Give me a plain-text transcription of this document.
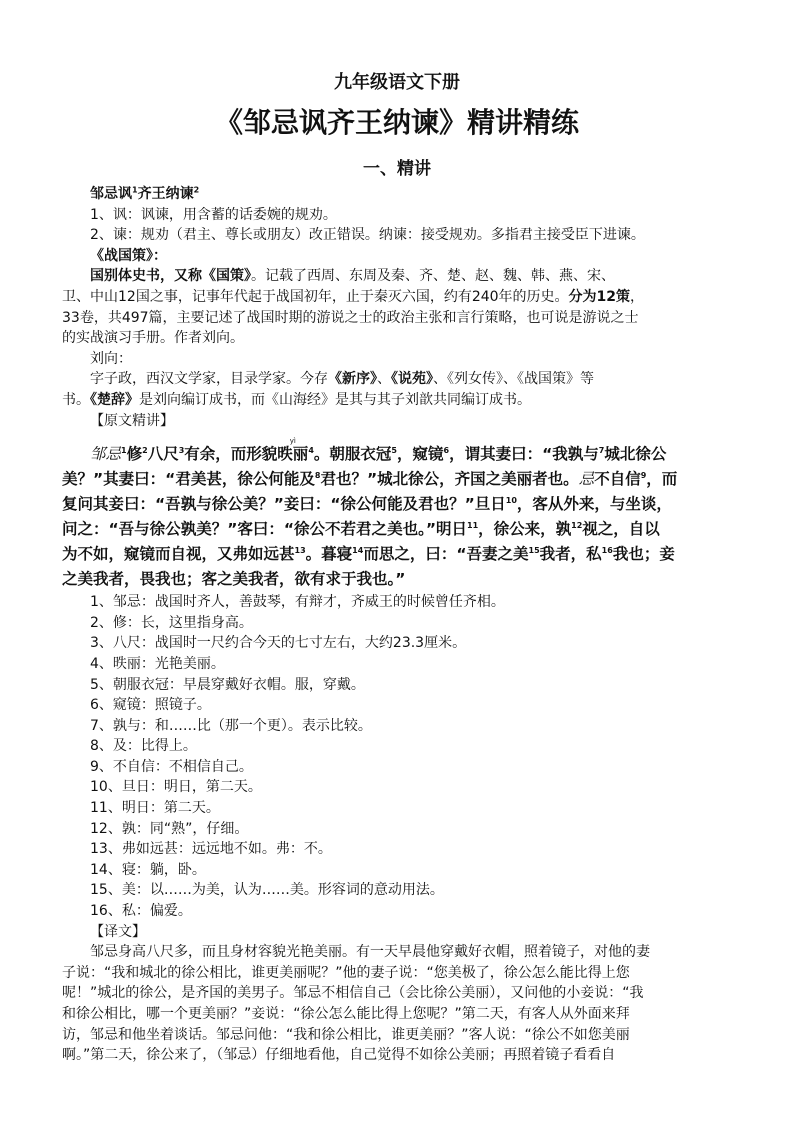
九年级语文下册
《邹忌讽齐王纳谏》精讲精练
一、精讲
邹忌讽$^1$齐王纳谏$^2$
1、讽：讽谏，用含蓄的话委婉的规劝。
2、谏：规劝（君主、尊长或朋友）改正错误。纳谏：接受规劝。多指君主接受臣下进谏。
《战国策》：
国别体史书，又称《国策》。记载了西周、东周及秦、齐、楚、赵、魏、韩、燕、宋、
卫、中山12国之事，记事年代起于战国初年，止于秦灭六国，约有240年的历史。分为12策，
33卷，共497篇，主要记述了战国时期的游说之士的政治主张和言行策略，也可说是游说之士
的实战演习手册。作者刘向。
刘向：
字子政，西汉文学家，目录学家。今存《新序》、《说苑》、《列女传》、《战国策》等
书。《楚辞》是刘向编订成书，而《山海经》是其与其子刘歆共同编订成书。
【原文精讲】
邹忌$^1$修$^2$八尺$^3$有余，而形貌昳丽$yì^4$。朝服衣冠$^5$，窥镜$^6$，谓其妻曰：“我孰与$^7$城北徐公
美？”其妻曰：“君美甚，徐公何能及$^8$君也？”城北徐公，齐国之美丽者也。忌不自信$^9$，而
复问其妾曰：“吾孰与徐公美？”妾曰：“徐公何能及君也？”旦日$^{10}$，客从外来，与坐谈，
问之：“吾与徐公孰美？”客曰：“徐公不若君之美也。”明日$^{11}$，徐公来，孰$^{12}$视之，自以
为不如，窥镜而自视，又弗如远甚$^{13}$。暮寝$^{14}$而思之，曰：“吾妻之美$^{15}$我者，私$^{16}$我也；妾
之美我者，畏我也；客之美我者，欲有求于我也。”
1、邹忌：战国时齐人，善鼓琴，有辩才，齐威王的时候曾任齐相。
2、修：长，这里指身高。
3、八尺：战国时一尺约合今天的七寸左右，大约23.3厘米。
4、昳丽：光艳美丽。
5、朝服衣冠：早晨穿戴好衣帽。服，穿戴。
6、窥镜：照镜子。
7、孰与：和……比（那一个更）。表示比较。
8、及：比得上。
9、不自信：不相信自己。
10、旦日：明日，第二天。
11、明日：第二天。
12、孰：同“熟”，仔细。
13、弗如远甚：远远地不如。弗：不。
14、寝：躺，卧。
15、美：以……为美，认为……美。形容词的意动用法。
16、私：偏爱。
【译文】
邹忌身高八尺多，而且身材容貌光艳美丽。有一天早晨他穿戴好衣帽，照着镜子，对他的妻
子说：“我和城北的徐公相比，谁更美丽呢？”他的妻子说：“您美极了，徐公怎么能比得上您
呢！”城北的徐公，是齐国的美男子。邹忌不相信自己（会比徐公美丽），又问他的小妾说：“我
和徐公相比，哪一个更美丽？”妾说：“徐公怎么能比得上您呢？”第二天，有客人从外面来拜
访，邹忌和他坐着谈话。邹忌问他：“我和徐公相比，谁更美丽？”客人说：“徐公不如您美丽
啊。”第二天，徐公来了，（邹忌）仔细地看他，自己觉得不如徐公美丽；再照着镜子看看自
